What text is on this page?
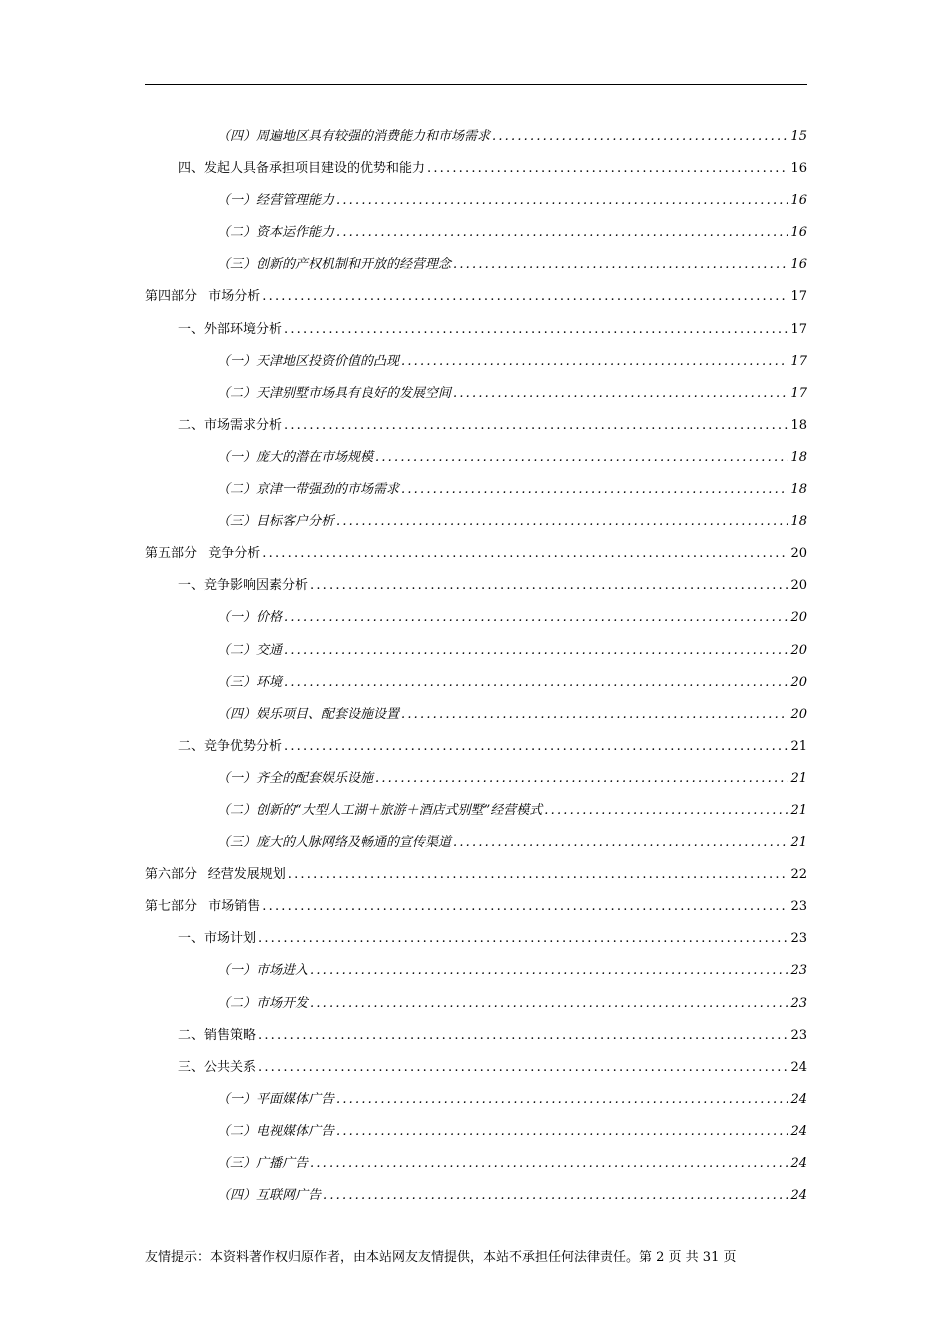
（四）周遍地区具有较强的消费能力和市场需求 .....	15
四、发起人具备承担项目建设的优势和能力 .....	16
（一）经营管理能力 .....	16
（二）资本运作能力 .....	16
（三）创新的产权机制和开放的经营理念 .....	16
第四部分 市场分析 .....	17
一、外部环境分析 .....	17
（一）天津地区投资价值的凸现 .....	17
（二）天津别墅市场具有良好的发展空间 .....	17
二、市场需求分析 .....	18
（一）庞大的潜在市场规模 .....	18
（二）京津一带强劲的市场需求 .....	18
（三）目标客户分析 .....	18
第五部分 竞争分析 .....	20
一、竞争影响因素分析 .....	20
（一）价格 .....	20
（二）交通 .....	20
（三）环境 .....	20
（四）娱乐项目、配套设施设置 .....	20
二、竞争优势分析 .....	21
（一）齐全的配套娱乐设施 .....	21
（二）创新的“大型人工湖＋旅游＋酒店式别墅”经营模式 .....	21
（三）庞大的人脉网络及畅通的宣传渠道 .....	21
第六部分 经营发展规划 .....	22
第七部分 市场销售 .....	23
一、市场计划 .....	23
（一）市场进入 .....	23
（二）市场开发 .....	23
二、销售策略 .....	23
三、公共关系 .....	24
（一）平面媒体广告 .....	24
（二）电视媒体广告 .....	24
（三）广播广告 .....	24
（四）互联网广告 .....	24
友情提示：本资料著作权归原作者，由本站网友友情提供，本站不承担任何法律责任。第 2 页 共 31 页
